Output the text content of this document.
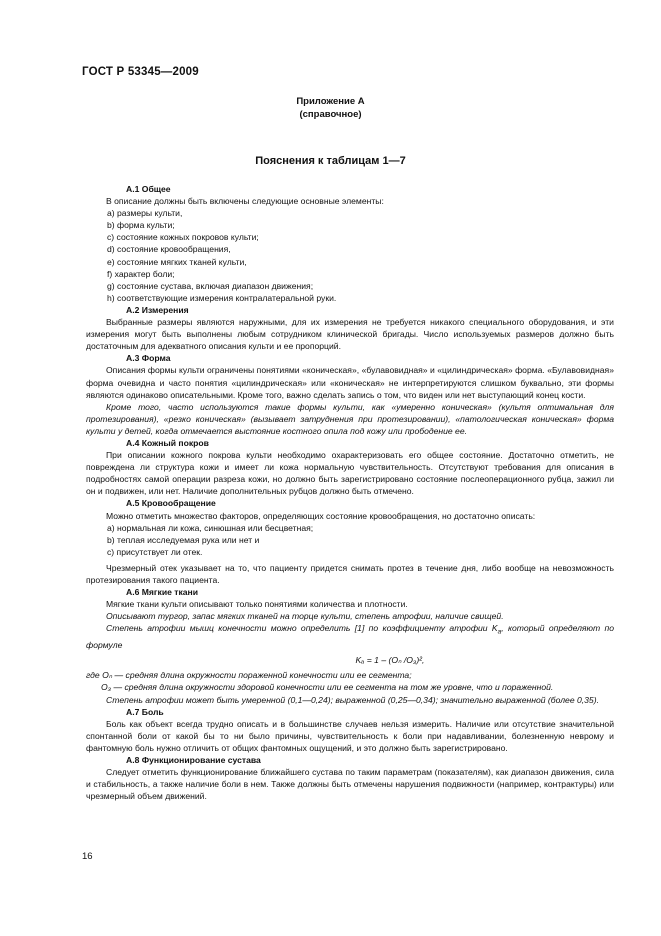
ГОСТ Р 53345—2009
Приложение А
(справочное)
Пояснения к таблицам 1—7
А.1 Общее
В описание должны быть включены следующие основные элементы:
а) размеры культи,
b) форма культи;
с) состояние кожных покровов культи;
d) состояние кровообращения,
е) состояние мягких тканей культи,
f) характер боли;
g) состояние сустава, включая диапазон движения;
h) соответствующие измерения контралатеральной руки.
А.2 Измерения
Выбранные размеры являются наружными, для их измерения не требуется никакого специального оборудования, и эти измерения могут быть выполнены любым сотрудником клинической бригады. Число используемых размеров должно быть достаточным для адекватного описания культи и ее пропорций.
А.3 Форма
Описания формы культи ограничены понятиями «коническая», «булавовидная» и «цилиндрическая» форма. «Булавовидная» форма очевидна и часто понятия «цилиндрическая» или «коническая» не интерпретируются слишком буквально, эти формы являются одинаково описательными. Кроме того, важно сделать запись о том, что виден или нет выступающий конец кости.
Кроме того, часто используются такие формы культи, как «умеренно коническая» (культя оптимальная для протезирования), «резко коническая» (вызывает затруднения при протезировании), «патологическая коническая» форма культи у детей, когда отмечается выстояние костного опила под кожу или прободение ее.
А.4 Кожный покров
При описании кожного покрова культи необходимо охарактеризовать его общее состояние. Достаточно отметить, не повреждена ли структура кожи и имеет ли кожа нормальную чувствительность. Отсутствуют требования для описания в подробностях самой операции разреза кожи, но должно быть зарегистрировано состояние послеоперационного рубца, зажил ли он и подвижен, или нет. Наличие дополнительных рубцов должно быть отмечено.
А.5 Кровообращение
Можно отметить множество факторов, определяющих состояние кровообращения, но достаточно описать:
а) нормальная ли кожа, синюшная или бесцветная;
b) теплая исследуемая рука или нет и
с) присутствует ли отек.
Чрезмерный отек указывает на то, что пациенту придется снимать протез в течение дня, либо вообще на невозможность протезирования такого пациента.
А.6 Мягкие ткани
Мягкие ткани культи описывают только понятиями количества и плотности.
Описывают тургор, запас мягких тканей на торце культи, степень атрофии, наличие свищей.
Степень атрофии мышц конечности можно определить [1] по коэффициенту атрофии $K_а$, который определяют по формуле
Kₐ = 1 – (Oₙ /O₃)²,
где Oₙ — средняя длина окружности пораженной конечности или ее сегмента;
O₃ — средняя длина окружности здоровой конечности или ее сегмента на том же уровне, что и пораженной.
Степень атрофии может быть умеренной (0,1—0,24); выраженной (0,25—0,34); значительно выраженной (более 0,35).
А.7 Боль
Боль как объект всегда трудно описать и в большинстве случаев нельзя измерить. Наличие или отсутствие значительной спонтанной боли от какой бы то ни было причины, чувствительность к боли при надавливании, болезненную неврому и фантомную боль нужно отличить от общих фантомных ощущений, и это должно быть зарегистрировано.
А.8 Функционирование сустава
Следует отметить функционирование ближайшего сустава по таким параметрам (показателям), как диапазон движения, сила и стабильность, а также наличие боли в нем. Также должны быть отмечены нарушения подвижности (например, контрактуры) или чрезмерный объем движений.
16
